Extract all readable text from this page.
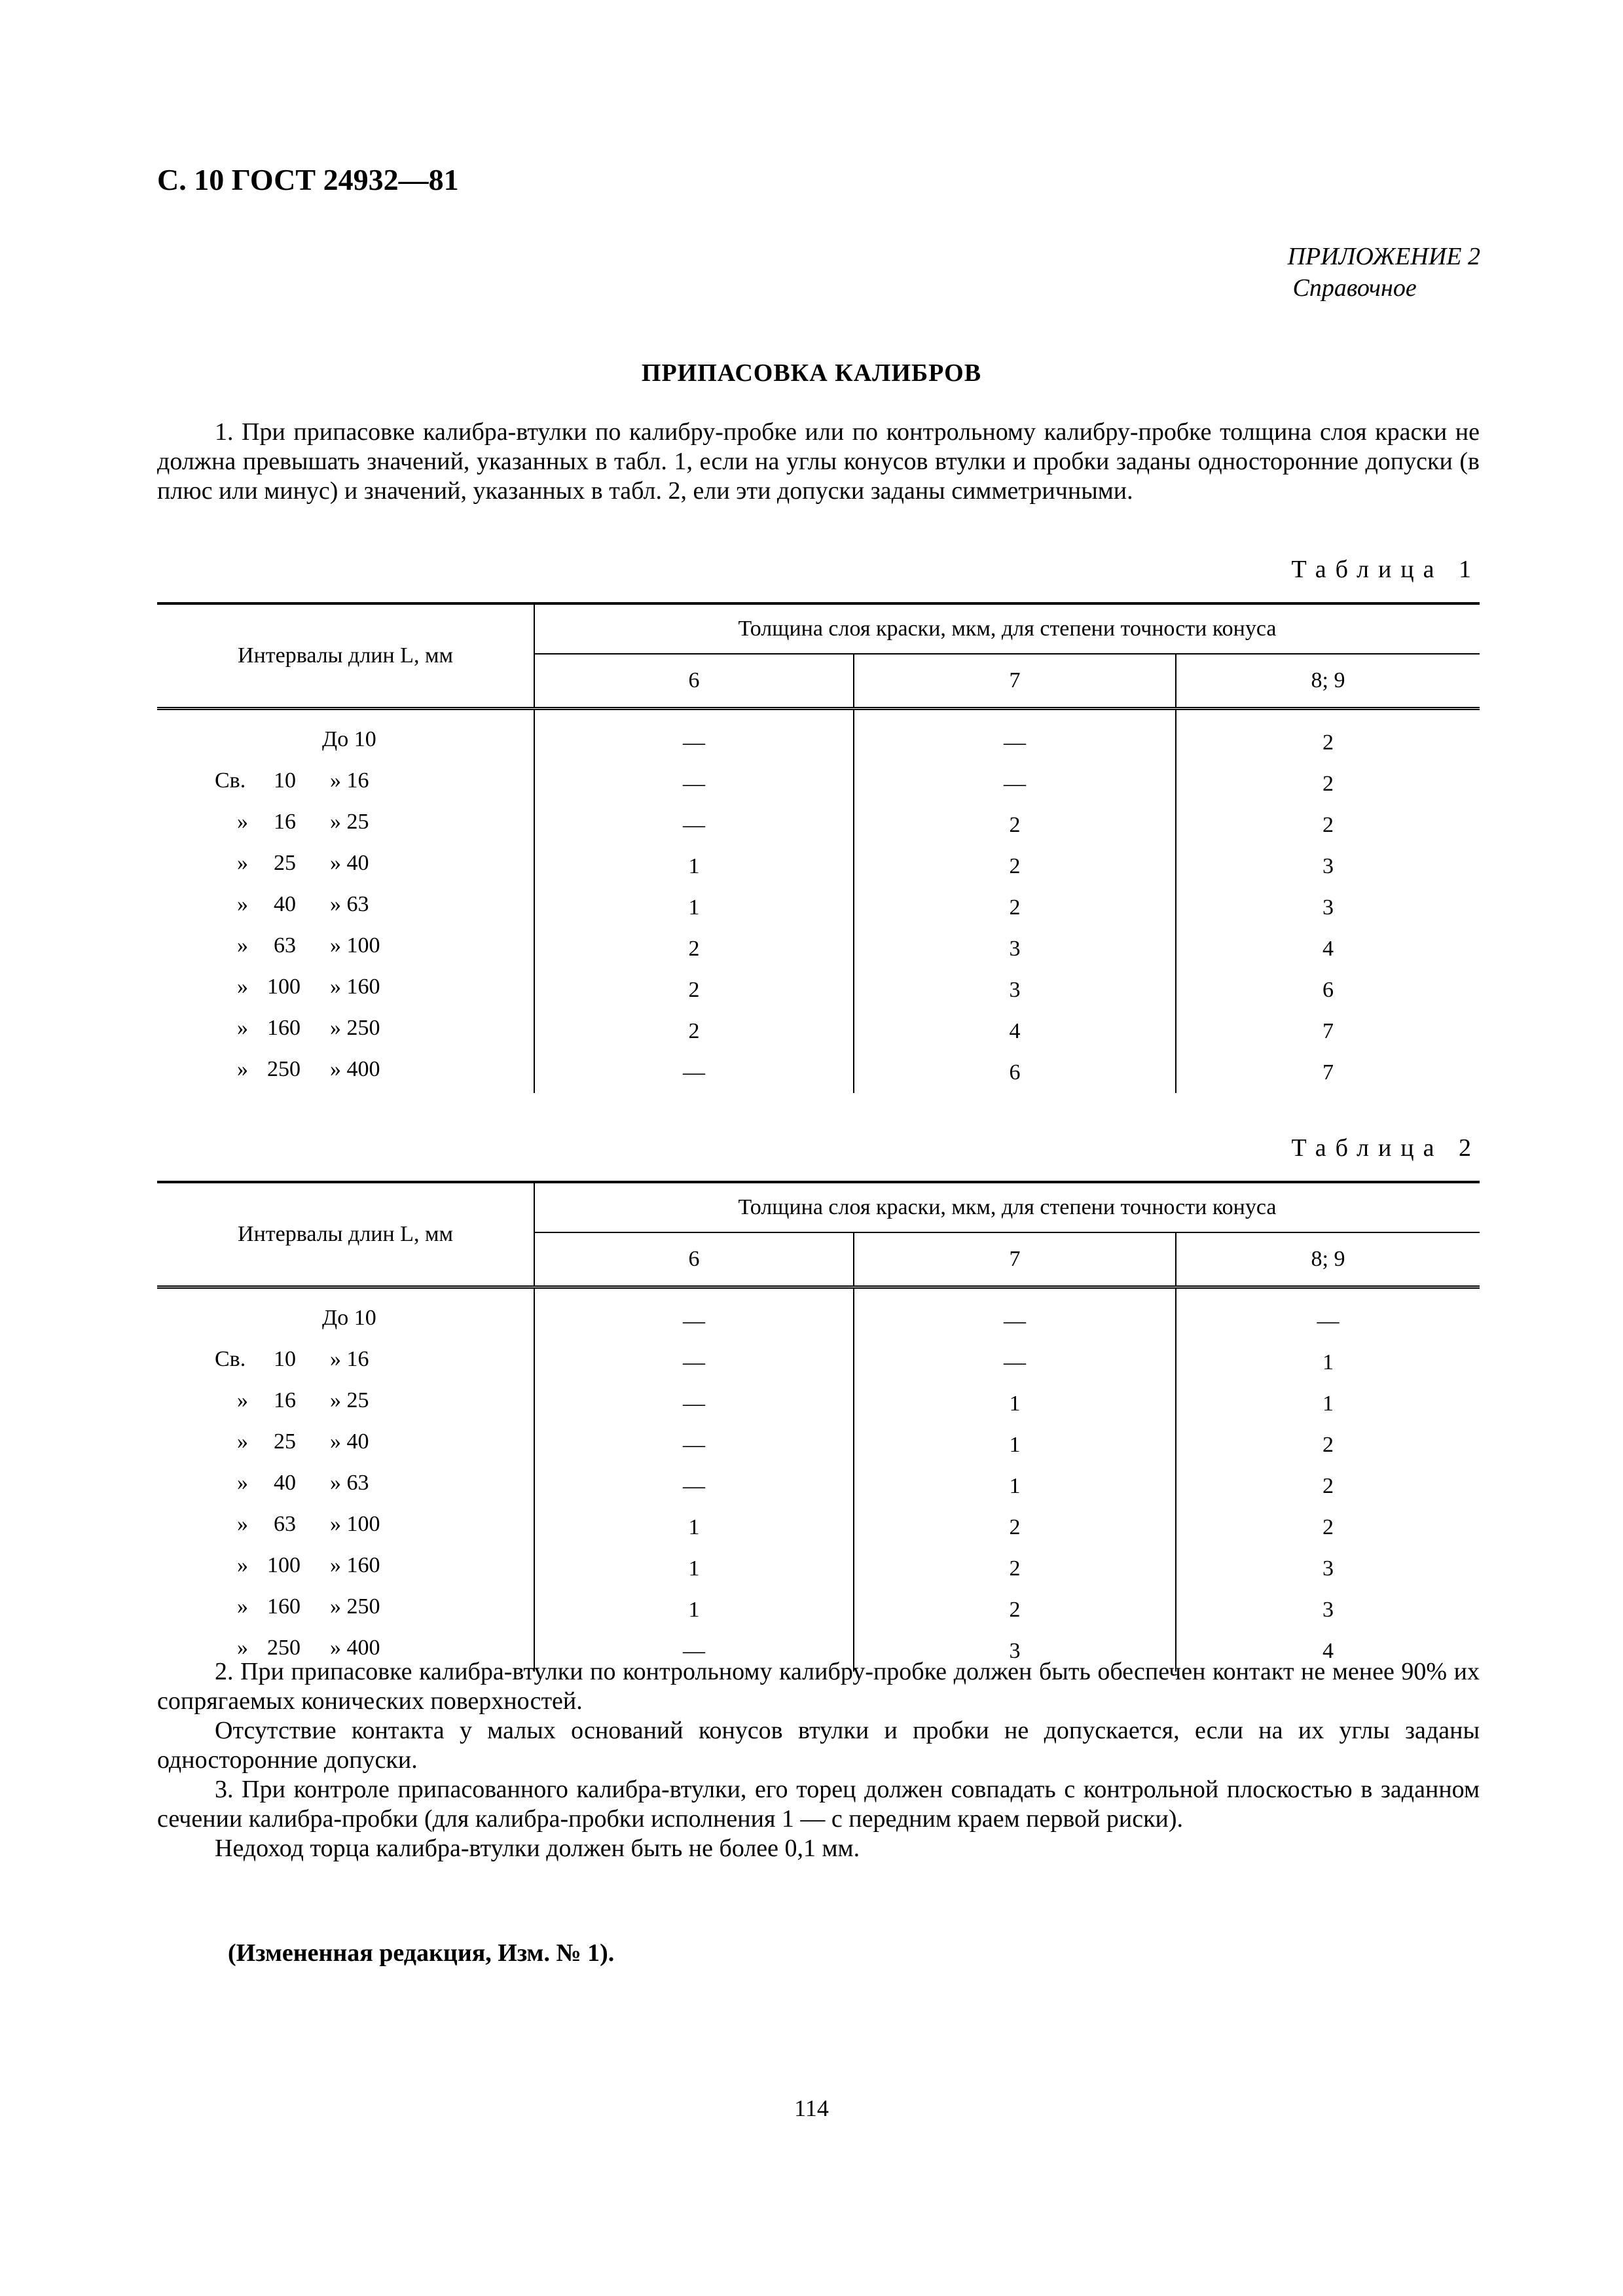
С. 10 ГОСТ 24932—81
ПРИЛОЖЕНИЕ 2
Справочное
ПРИПАСОВКА КАЛИБРОВ

1. При припасовке калибра-втулки по калибру-пробке или по контрольному калибру-пробке толщина слоя краски не должна превышать значений, указанных в табл. 1, если на углы конусов втулки и пробки заданы односторонние допуски (в плюс или минус) и значений, указанных в табл. 2, ели эти допуски заданы симметричными.

Таблица 1
Интервалы длин L, мм	Толщина слоя краски, мкм, для степени точности конуса		
	6	7	8; 9

До 10	—	—	2

Св. 10 » 16	—	—	2

» 16 » 25	—	2	2

» 25 » 40	1	2	3

» 40 » 63	1	2	3

» 63 » 100	2	3	4

» 100 » 160	2	3	6

» 160 » 250	2	4	7

» 250 » 400	—	6	7
Таблица 2
Интервалы длин L, мм	Толщина слоя краски, мкм, для степени точности конуса		
	6	7	8; 9

До 10	—	—	—

Св. 10 » 16	—	—	1

» 16 » 25	—	1	1

» 25 » 40	—	1	2

» 40 » 63	—	1	2

» 63 » 100	1	2	2

» 100 » 160	1	2	3

» 160 » 250	1	2	3

» 250 » 400	—	3	4

2. При припасовке калибра-втулки по контрольному калибру-пробке должен быть обеспечен контакт не менее 90% их сопрягаемых конических поверхностей.

Отсутствие контакта у малых оснований конусов втулки и пробки не допускается, если на их углы заданы односторонние допуски.

3. При контроле припасованного калибра-втулки, его торец должен совпадать с контрольной плоскостью в заданном сечении калибра-пробки (для калибра-пробки исполнения 1 — с передним краем первой риски).

Недоход торца калибра-втулки должен быть не более 0,1 мм.

(Измененная редакция, Изм. № 1).
114
